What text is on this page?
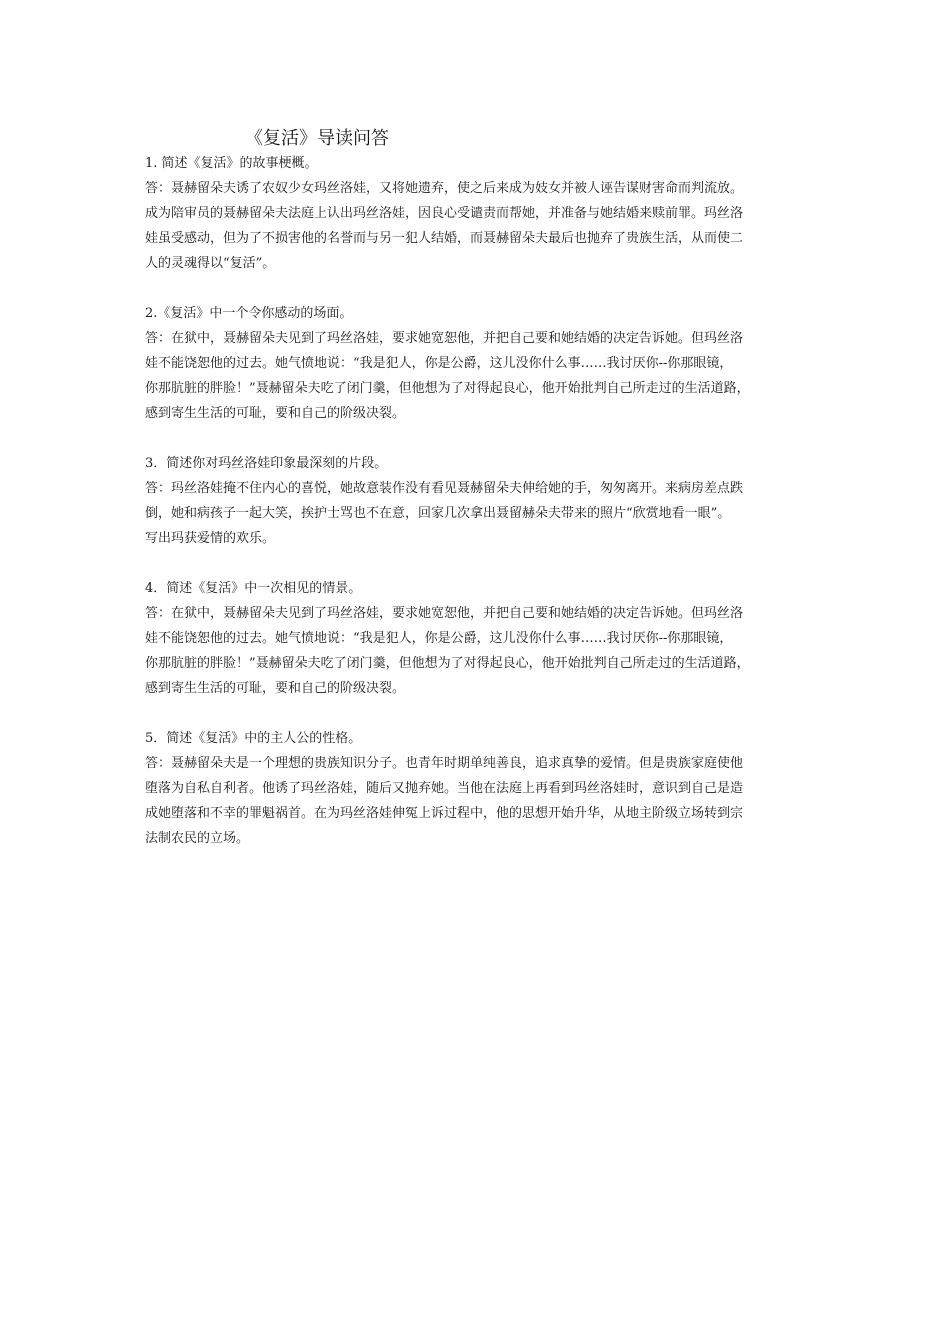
《复活》导读问答
1. 简述《复活》的故事梗概。

答：聂赫留朵夫诱了农奴少女玛丝洛娃，又将她遗弃，使之后来成为妓女并被人诬告谋财害命而判流放。

成为陪审员的聂赫留朵夫法庭上认出玛丝洛娃，因良心受谴责而帮她，并准备与她结婚来赎前罪。玛丝洛

娃虽受感动，但为了不损害他的名誉而与另一犯人结婚，而聂赫留朵夫最后也抛弃了贵族生活，从而使二

人的灵魂得以“复活”。

2.《复活》中一个令你感动的场面。

答：在狱中，聂赫留朵夫见到了玛丝洛娃，要求她宽恕他，并把自己要和她结婚的决定告诉她。但玛丝洛

娃不能饶恕他的过去。她气愤地说：“我是犯人，你是公爵，这儿没你什么事……我讨厌你--你那眼镜，

你那肮脏的胖脸！”聂赫留朵夫吃了闭门羹，但他想为了对得起良心，他开始批判自己所走过的生活道路，

感到寄生生活的可耻，要和自己的阶级决裂。

3．简述你对玛丝洛娃印象最深刻的片段。

答：玛丝洛娃掩不住内心的喜悦，她故意装作没有看见聂赫留朵夫伸给她的手，匆匆离开。来病房差点跌

倒，她和病孩子一起大笑，挨护士骂也不在意，回家几次拿出聂留赫朵夫带来的照片“欣赏地看一眼”。

写出玛获爱情的欢乐。

4．简述《复活》中一次相见的情景。

答：在狱中，聂赫留朵夫见到了玛丝洛娃，要求她宽恕他，并把自己要和她结婚的决定告诉她。但玛丝洛

娃不能饶恕他的过去。她气愤地说：“我是犯人，你是公爵，这儿没你什么事……我讨厌你--你那眼镜，

你那肮脏的胖脸！”聂赫留朵夫吃了闭门羹，但他想为了对得起良心，他开始批判自己所走过的生活道路，

感到寄生生活的可耻，要和自己的阶级决裂。

5．简述《复活》中的主人公的性格。

答：聂赫留朵夫是一个理想的贵族知识分子。也青年时期单纯善良，追求真挚的爱情。但是贵族家庭使他

堕落为自私自利者。他诱了玛丝洛娃，随后又抛弃她。当他在法庭上再看到玛丝洛娃时，意识到自己是造

成她堕落和不幸的罪魁祸首。在为玛丝洛娃伸冤上诉过程中，他的思想开始升华，从地主阶级立场转到宗

法制农民的立场。
